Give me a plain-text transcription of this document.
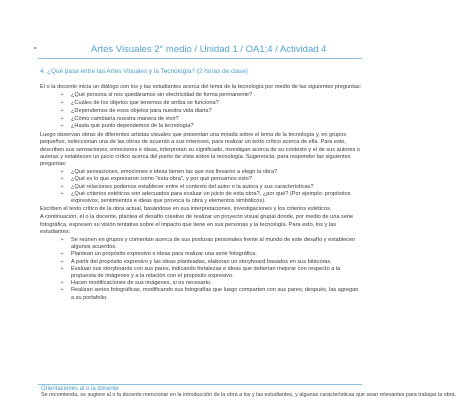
Artes Visuales 2° medio / Unidad 1 / OA1;4 / Actividad 4
4. ¿Qué pasa entre las Artes Visuales y la Tecnología? (2 horas de clase)

El o la docente inicia un diálogo con los y las estudiantes acerca del tema de la tecnología por medio de las siguientes preguntas:

➢ ¿Qué persona si nos quedáramos sin electricidad de forma permanente?
➢ ¿Cuáles de los objetos que tenemos de arriba se funciona?
➢ ¿Dependemos de esos objetos para nuestra vida diaria?
➢ ¿Cómo cambiaría nuestra manera de vivir?
➢ ¿Hasta qué punto dependemos de la tecnología?

Luego observan obras de diferentes artistas visuales que presentan una mirada sobre el tema de la tecnología y, en grupos pequeños, seleccionan una de las obras de acuerdo a sus intereses, para realizar un texto crítico acerca de ella. Para esto, describen sus sensaciones, emociones e ideas, interpretan su significado, investigan acerca de su contexto y el de sus autores o autoras y establecen un juicio crítico acerca del punto de vista sobre la tecnología. Sugerencia: para responder las siguientes preguntas:

➢ ¿Qué sensaciones, emociones e ideas tienen las que nos llevaron a elegir la obra?
➢ ¿Qué es lo que expresaron como "esta obra", y por qué pensamos esto?
➢ ¿Qué relaciones podemos establecer entre el contexto del autor o la autora y sus características?
➢ ¿Qué criterios estéticos son adecuados para evaluar un juicio de esta obra?, ¿por qué? (Por ejemplo: propósitos expresivos, sentimientos e ideas que provoca la obra y elementos simbólicos).

Escriben el texto crítico de la obra actual, basándose en sus interpretaciones, investigaciones y los criterios estéticos.

A continuación, el o la docente, plantea el desafío creativo de realizar un proyecto visual grupal donde, por medio de una serie fotográfica, expresen su visión tentativa sobre el impacto que tiene en sus personas y la tecnología. Para esto, los y las estudiantes:

➢ Se reúnen en grupos y comentan acerca de sus posturas personales frente al mundo de este desafío y establecen algunos acuerdos.
➢ Plantean un propósito expresivo e ideas para realizar una serie fotográfica.
➢ A partir del propósito expresivo y las ideas planteadas, elaboran un storyboard basados en sus bitácoras.
➢ Evalúan sus storyboards con sus pares, indicando fortalezas e ideas que deberían mejorar con respecto a la propuesta de imágenes y a la relación con el propósito expresivo.
➢ Hacen modificaciones de sus imágenes, si es necesario.
➢ Realizan series fotográficas, modificando sus fotografías que luego comparten con sus pares; después, las agregan a su portafolio.
Orientaciones al o la docente
Se recomienda, se sugiere al o la docente mencionar en la introducción de la obra a los y las estudiantes, y algunas características que sean relevantes para trabajar la obra.
